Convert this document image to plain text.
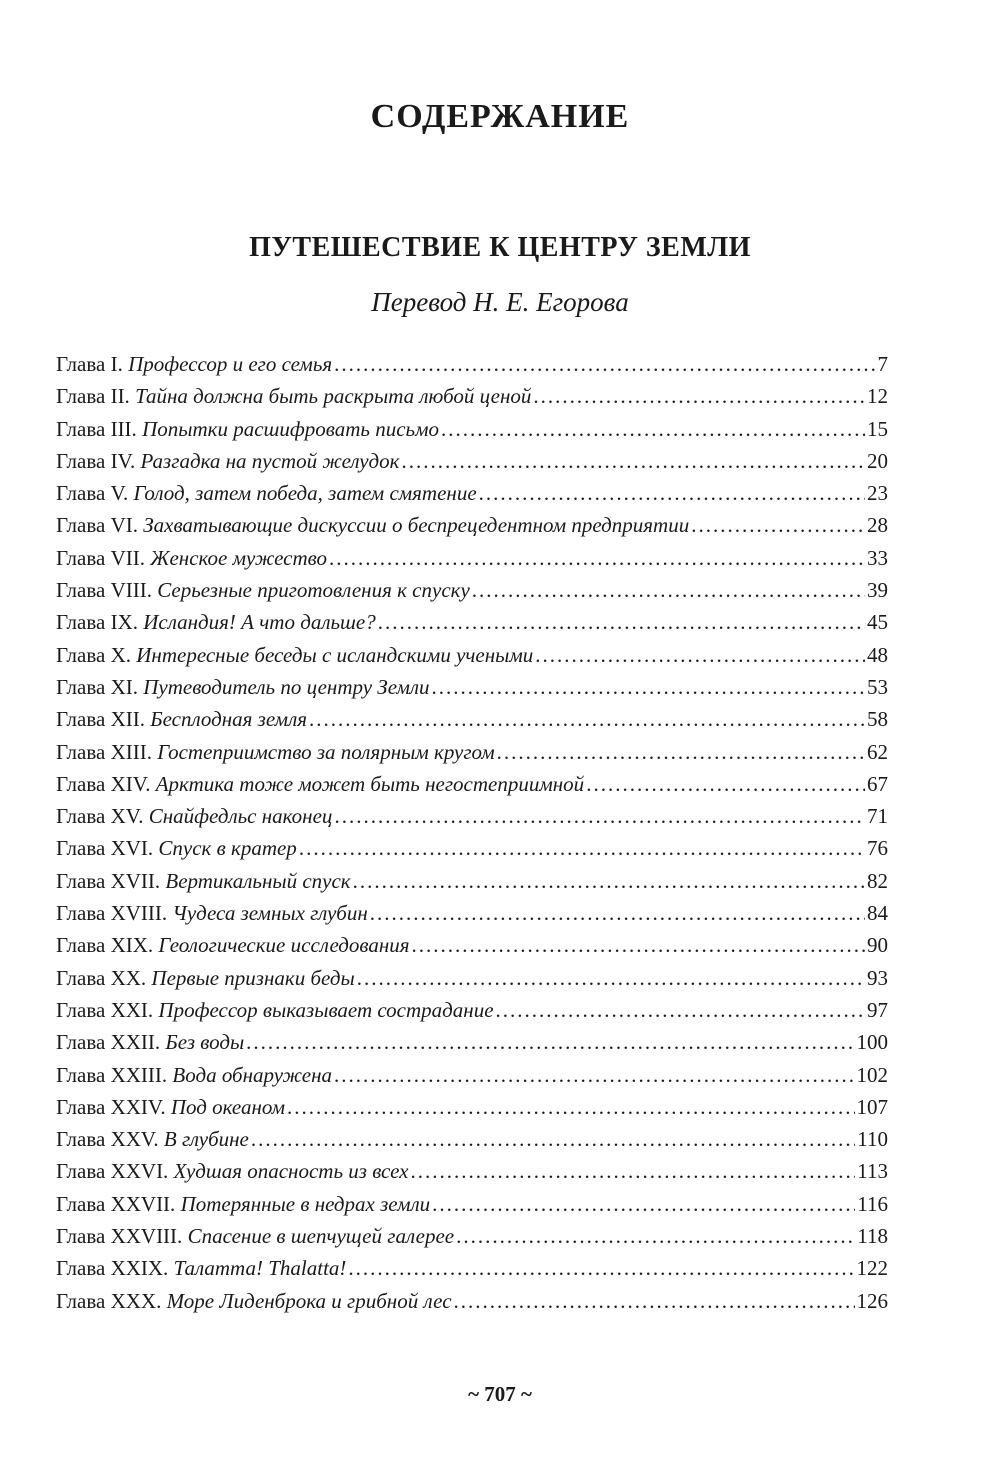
СОДЕРЖАНИЕ
ПУТЕШЕСТВИЕ К ЦЕНТРУ ЗЕМЛИ

Перевод Н. Е. Егорова

Глава I.
Профессор и его семья .....	7
Глава II.
Тайна должна быть раскрыта любой ценой .....	12
Глава III.
Попытки расшифровать письмо .....	15
Глава IV.
Разгадка на пустой желудок .....	20
Глава V.
Голод, затем победа, затем смятение .....	23
Глава VI.
Захватывающие дискуссии о беспрецедентном предприятии .....	28
Глава VII.
Женское мужество .....	33
Глава VIII.
Серьезные приготовления к спуску .....	39
Глава IX.
Исландия! А что дальше? .....	45
Глава X.
Интересные беседы с исландскими учеными .....	48
Глава XI.
Путеводитель по центру Земли .....	53
Глава XII.
Бесплодная земля .....	58
Глава XIII.
Гостеприимство за полярным кругом .....	62
Глава XIV.
Арктика тоже может быть негостеприимной .....	67
Глава XV.
Снайфедльс наконец .....	71
Глава XVI.
Спуск в кратер .....	76
Глава XVII.
Вертикальный спуск .....	82
Глава XVIII.
Чудеса земных глубин .....	84
Глава XIX.
Геологические исследования .....	90
Глава XX.
Первые признаки беды .....	93
Глава XXI.
Профессор выказывает сострадание .....	97
Глава XXII.
Без воды .....	100
Глава XXIII.
Вода обнаружена .....	102
Глава XXIV.
Под океаном .....	107
Глава XXV.
В глубине .....	110
Глава XXVI.
Худшая опасность из всех .....	113
Глава XXVII.
Потерянные в недрах земли .....	116
Глава XXVIII.
Спасение в шепчущей галерее .....	118
Глава XXIX.
Талатта! Thalatta! .....	122
Глава XXX.
Море Лиденброка и грибной лес .....	126

~ 707 ~
